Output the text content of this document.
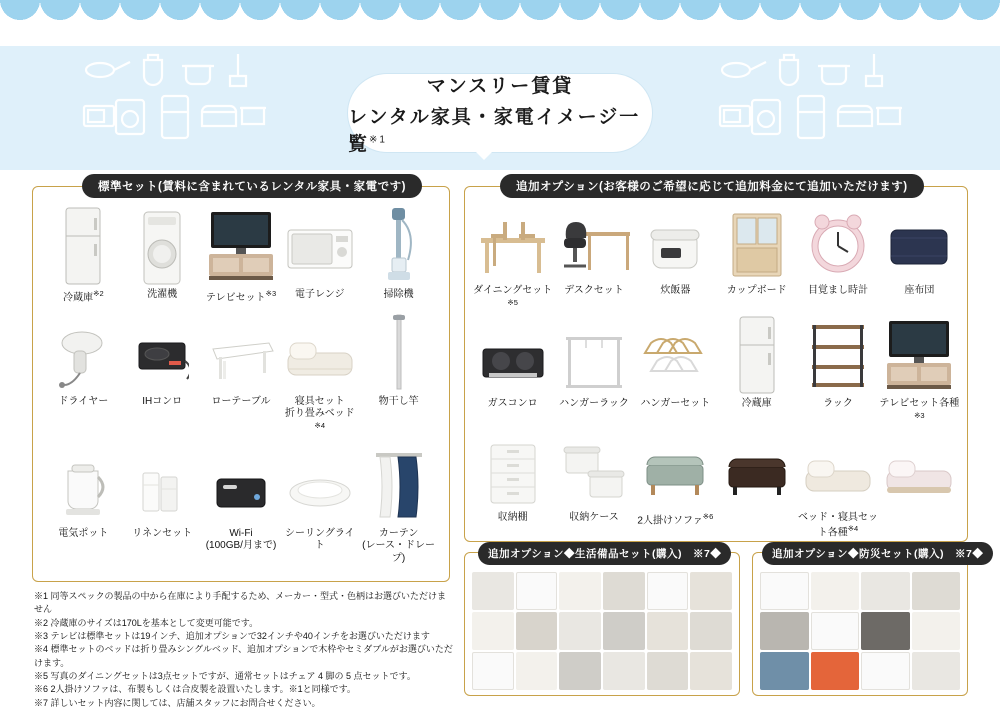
マンスリー賃貸
レンタル家具・家電イメージ一覧$^{※1}$
標準セット(賃料に含まれているレンタル家具・家電です)	追加オプション(お客様のご希望に応じて追加料金にて追加いただけます)
追加オプション◆生活備品セット(購入)　※7◆	追加オプション◆防災セット(購入)　※7◆
冷蔵庫$^{※2}$	洗濯機	テレビセット$^{※3}$ 電子レンジ	掃除機
ドライヤー	IHコンロ	ローテーブル	寝具セット
折り畳みベッド$^{※4}$
物干し竿
電気ポット リネンセット	Wi-Fi
(100GB/月まで)
シーリングライト
カーテン
(レース・ドレープ)
ダイニングセット$^{※5}$
デスクセット	炊飯器	カップボード 目覚まし時計	座布団
ガスコンロ ハンガーラック ハンガーセット	冷蔵庫	ラック	テレビセット各種$^{※3}$
収納棚	収納ケース 2人掛けソファ$^{※6}$	ベッド・寝具セット各種$^{※4}$
※1 同等スペックの製品の中から在庫により手配するため、メーカー・型式・色柄はお選びいただけません
※2 冷蔵庫のサイズは170Lを基本として変更可能です。
※3 テレビは標準セットは19インチ、追加オプションで32インチや40インチをお選びいただけます
※4 標準セットのベッドは折り畳みシングルベッド、追加オプションで木枠やセミダブルがお選びいただけます。
※5 写真のダイニングセットは3点セットですが、通常セットはチェア 4 脚の 5 点セットです。
※6 2人掛けソファは、布製もしくは合皮製を設置いたします。※1と同様です。
※7 詳しいセット内容に関しては、店舗スタッフにお問合せください。
